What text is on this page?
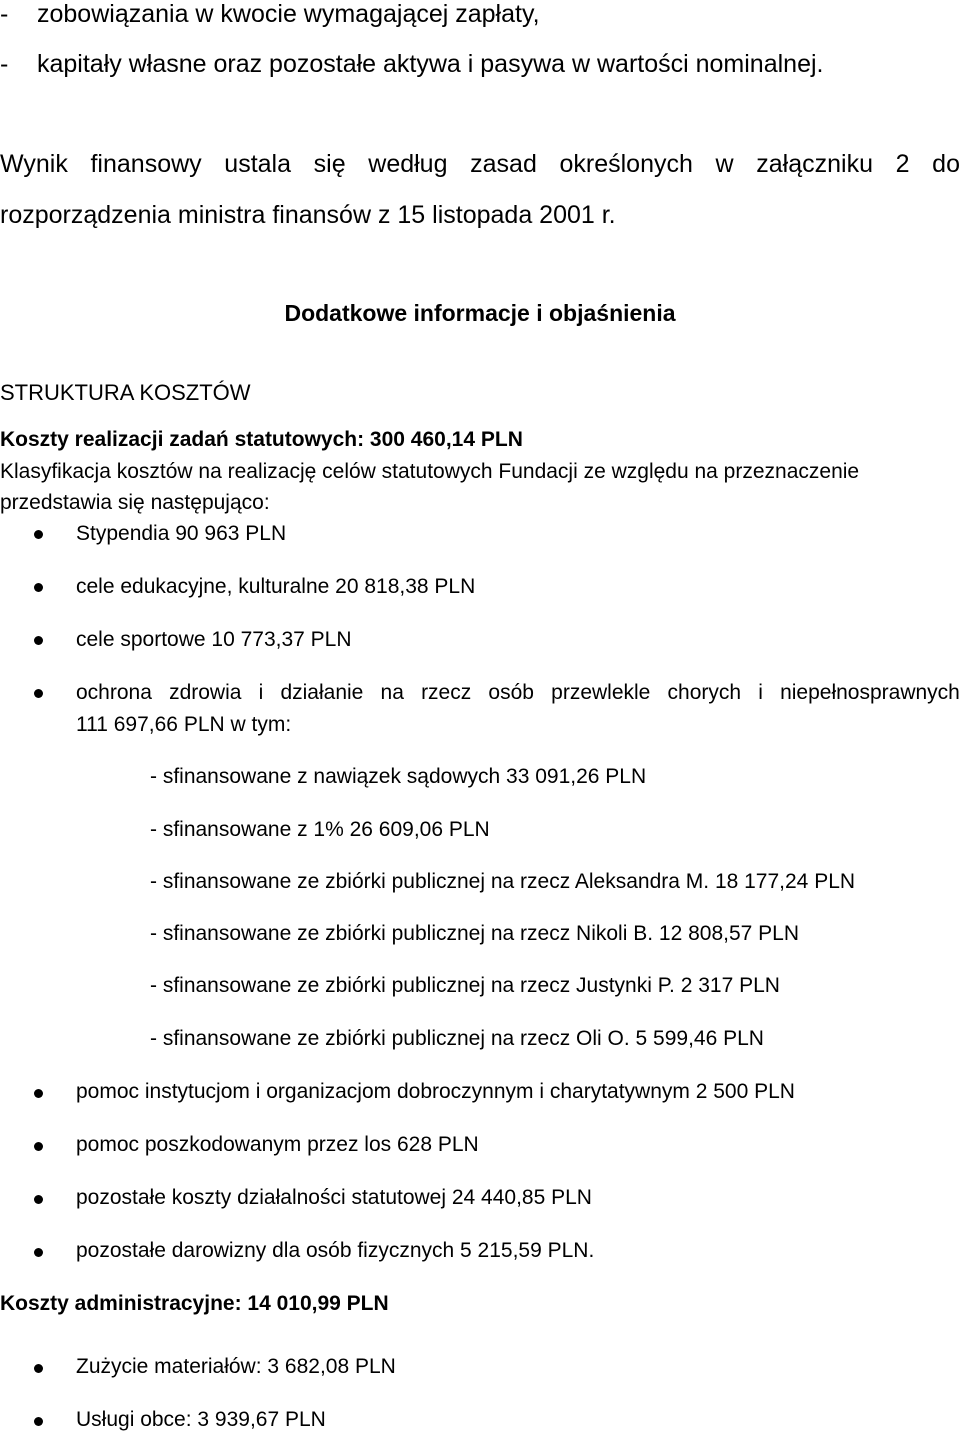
- zobowiązania w kwocie wymagającej zapłaty,
- kapitały własne oraz pozostałe aktywa i pasywa w wartości nominalnej.
Wynik finansowy ustala się według zasad określonych w załączniku 2 do
rozporządzenia ministra finansów z 15 listopada 2001 r.
Dodatkowe informacje i objaśnienia
STRUKTURA KOSZTÓW
Koszty realizacji zadań statutowych: 300 460,14 PLN
Klasyfikacja kosztów na realizację celów statutowych Fundacji ze względu na przeznaczenie
przedstawia się następująco:
Stypendia 90 963 PLN
cele edukacyjne, kulturalne 20 818,38 PLN
cele sportowe 10 773,37 PLN
ochrona zdrowia i działanie na rzecz osób przewlekle chorych i niepełnosprawnych
111 697,66 PLN w tym:
- sfinansowane z nawiązek sądowych 33 091,26 PLN
- sfinansowane z 1% 26 609,06 PLN
- sfinansowane ze zbiórki publicznej na rzecz Aleksandra M. 18 177,24 PLN
- sfinansowane ze zbiórki publicznej na rzecz Nikoli B. 12 808,57 PLN
- sfinansowane ze zbiórki publicznej na rzecz Justynki P. 2 317 PLN
- sfinansowane ze zbiórki publicznej na rzecz Oli O. 5 599,46 PLN
pomoc instytucjom i organizacjom dobroczynnym i charytatywnym 2 500 PLN
pomoc poszkodowanym przez los 628 PLN
pozostałe koszty działalności statutowej 24 440,85 PLN
pozostałe darowizny dla osób fizycznych 5 215,59 PLN.
Koszty administracyjne: 14 010,99 PLN
Zużycie materiałów: 3 682,08 PLN
Usługi obce: 3 939,67 PLN
